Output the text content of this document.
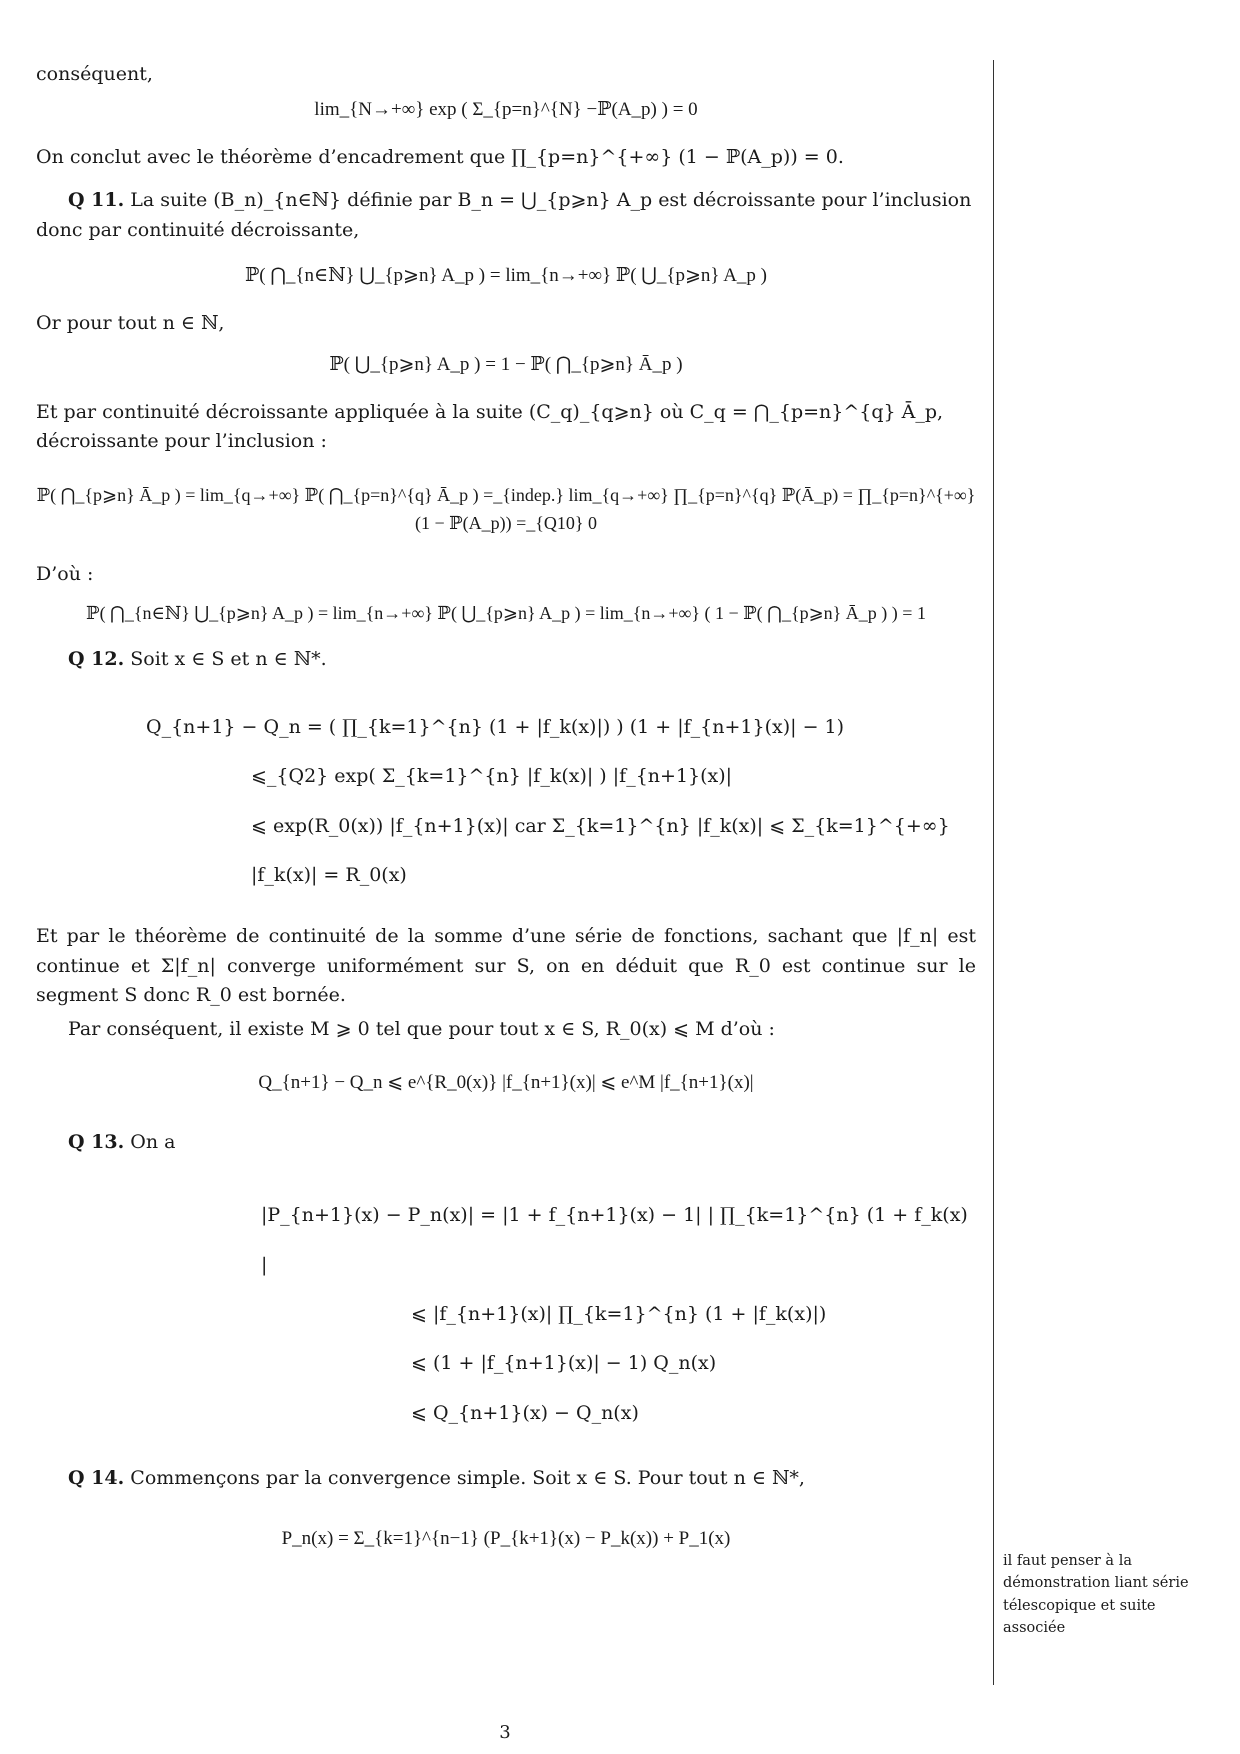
conséquent,

lim_{N→+∞} exp ( Σ_{p=n}^{N} −ℙ(A_p) ) = 0

On conclut avec le théorème d’encadrement que ∏_{p=n}^{+∞} (1 − ℙ(A_p)) = 0.

Q 11. La suite (B_n)_{n∈ℕ} définie par B_n = ⋃_{p⩾n} A_p est décroissante pour l’inclusion donc par continuité décroissante,

ℙ( ⋂_{n∈ℕ} ⋃_{p⩾n} A_p ) = lim_{n→+∞} ℙ( ⋃_{p⩾n} A_p )

Or pour tout n ∈ ℕ,

ℙ( ⋃_{p⩾n} A_p ) = 1 − ℙ( ⋂_{p⩾n} Ā_p )

Et par continuité décroissante appliquée à la suite (C_q)_{q⩾n} où C_q = ⋂_{p=n}^{q} Ā_p, décroissante pour l’inclusion :

ℙ( ⋂_{p⩾n} Ā_p ) = lim_{q→+∞} ℙ( ⋂_{p=n}^{q} Ā_p ) =_{indep.} lim_{q→+∞} ∏_{p=n}^{q} ℙ(Ā_p) = ∏_{p=n}^{+∞} (1 − ℙ(A_p)) =_{Q10} 0

D’où :

ℙ( ⋂_{n∈ℕ} ⋃_{p⩾n} A_p ) = lim_{n→+∞} ℙ( ⋃_{p⩾n} A_p ) = lim_{n→+∞} ( 1 − ℙ( ⋂_{p⩾n} Ā_p ) ) = 1

Q 12. Soit x ∈ S et n ∈ ℕ*.

Q_{n+1} − Q_n = ( ∏_{k=1}^{n} (1 + |f_k(x)|) ) (1 + |f_{n+1}(x)| − 1)
⩽_{Q2} exp( Σ_{k=1}^{n} |f_k(x)| ) |f_{n+1}(x)|
⩽ exp(R_0(x)) |f_{n+1}(x)| car Σ_{k=1}^{n} |f_k(x)| ⩽ Σ_{k=1}^{+∞} |f_k(x)| = R_0(x)

Et par le théorème de continuité de la somme d’une série de fonctions, sachant que |f_n| est continue et Σ|f_n| converge uniformément sur S, on en déduit que R_0 est continue sur le segment S donc R_0 est bornée.

Par conséquent, il existe M ⩾ 0 tel que pour tout x ∈ S, R_0(x) ⩽ M d’où :

Q_{n+1} − Q_n ⩽ e^{R_0(x)} |f_{n+1}(x)| ⩽ e^M |f_{n+1}(x)|

Q 13. On a

|P_{n+1}(x) − P_n(x)| = |1 + f_{n+1}(x) − 1| | ∏_{k=1}^{n} (1 + f_k(x) |
⩽ |f_{n+1}(x)| ∏_{k=1}^{n} (1 + |f_k(x)|)
⩽ (1 + |f_{n+1}(x)| − 1) Q_n(x)
⩽ Q_{n+1}(x) − Q_n(x)

Q 14. Commençons par la convergence simple. Soit x ∈ S. Pour tout n ∈ ℕ*,

P_n(x) = Σ_{k=1}^{n−1} (P_{k+1}(x) − P_k(x)) + P_1(x)
il faut penser à la démonstration liant série télescopique et suite associée
3
